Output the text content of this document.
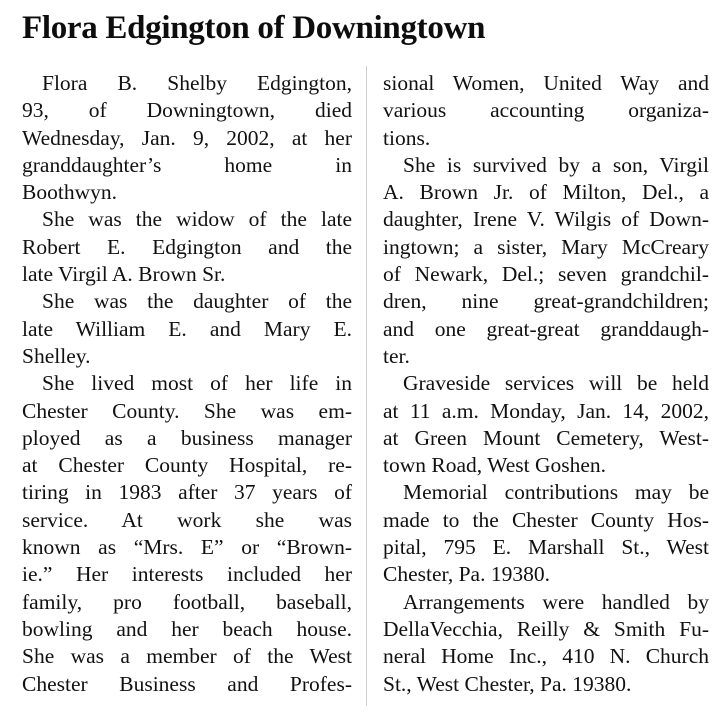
Flora Edgington of Downingtown
Flora B. Shelby Edgington,
93, of Downingtown, died
Wednesday, Jan. 9, 2002, at her
granddaughter’s home in
Boothwyn.
She was the widow of the late
Robert E. Edgington and the
late Virgil A. Brown Sr.
She was the daughter of the
late William E. and Mary E.
Shelley.
She lived most of her life in
Chester County. She was em-
ployed as a business manager
at Chester County Hospital, re-
tiring in 1983 after 37 years of
service. At work she was
known as “Mrs. E” or “Brown-
ie.” Her interests included her
family, pro football, baseball,
bowling and her beach house.
She was a member of the West
Chester Business and Profes-
sional Women, United Way and
various accounting organiza-
tions.
She is survived by a son, Virgil
A. Brown Jr. of Milton, Del., a
daughter, Irene V. Wilgis of Down-
ingtown; a sister, Mary McCreary
of Newark, Del.; seven grandchil-
dren, nine great-grandchildren;
and one great-great granddaugh-
ter.
Graveside services will be held
at 11 a.m. Monday, Jan. 14, 2002,
at Green Mount Cemetery, West-
town Road, West Goshen.
Memorial contributions may be
made to the Chester County Hos-
pital, 795 E. Marshall St., West
Chester, Pa. 19380.
Arrangements were handled by
DellaVecchia, Reilly & Smith Fu-
neral Home Inc., 410 N. Church
St., West Chester, Pa. 19380.
